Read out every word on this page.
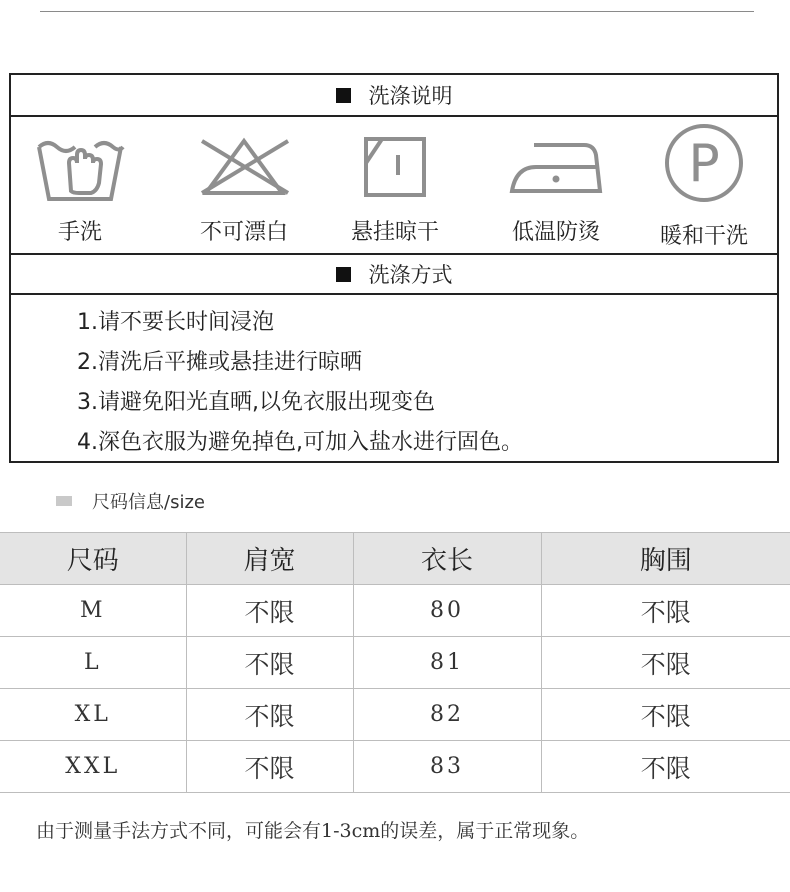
洗涤说明
手洗	不可漂白	悬挂晾干	低温防烫
P
暖和干洗
洗涤方式
1.请不要长时间浸泡
2.清洗后平摊或悬挂进行晾晒
3.请避免阳光直晒,以免衣服出现变色
4.深色衣服为避免掉色,可加入盐水进行固色。
尺码信息/size
尺码	肩宽	衣长	胸围
M	不限	80	不限
L	不限	81	不限
XL	不限	82	不限
XXL	不限	83	不限
由于测量手法方式不同，可能会有1-3cm的误差，属于正常现象。
